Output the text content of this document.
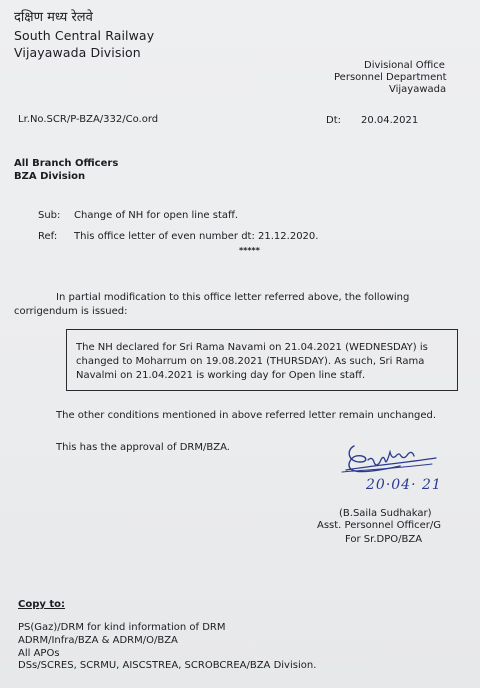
दक्षिण मध्य रेलवे
South Central Railway
Vijayawada Division
Divisional Office
Personnel Department
Vijayawada
Lr.No.SCR/P-BZA/332/Co.ord	Dt: 20.04.2021
All Branch Officers
BZA Division
Sub: Change of NH for open line staff.
Ref: This office letter of even number dt: 21.12.2020.
*****
In partial modification to this office letter referred above, the following
corrigendum is issued:
The NH declared for Sri Rama Navami on 21.04.2021 (WEDNESDAY) is
changed to Moharrum on 19.08.2021 (THURSDAY). As such, Sri Rama
Navalmi on 21.04.2021 is working day for Open line staff.
The other conditions mentioned in above referred letter remain unchanged.
This has the approval of DRM/BZA.
20·04· 21
(B.Saila Sudhakar)
Asst. Personnel Officer/G
For Sr.DPO/BZA
Copy to:
PS(Gaz)/DRM for kind information of DRM
ADRM/Infra/BZA & ADRM/O/BZA
All APOs
DSs/SCRES, SCRMU, AISCSTREA, SCROBCREA/BZA Division.
